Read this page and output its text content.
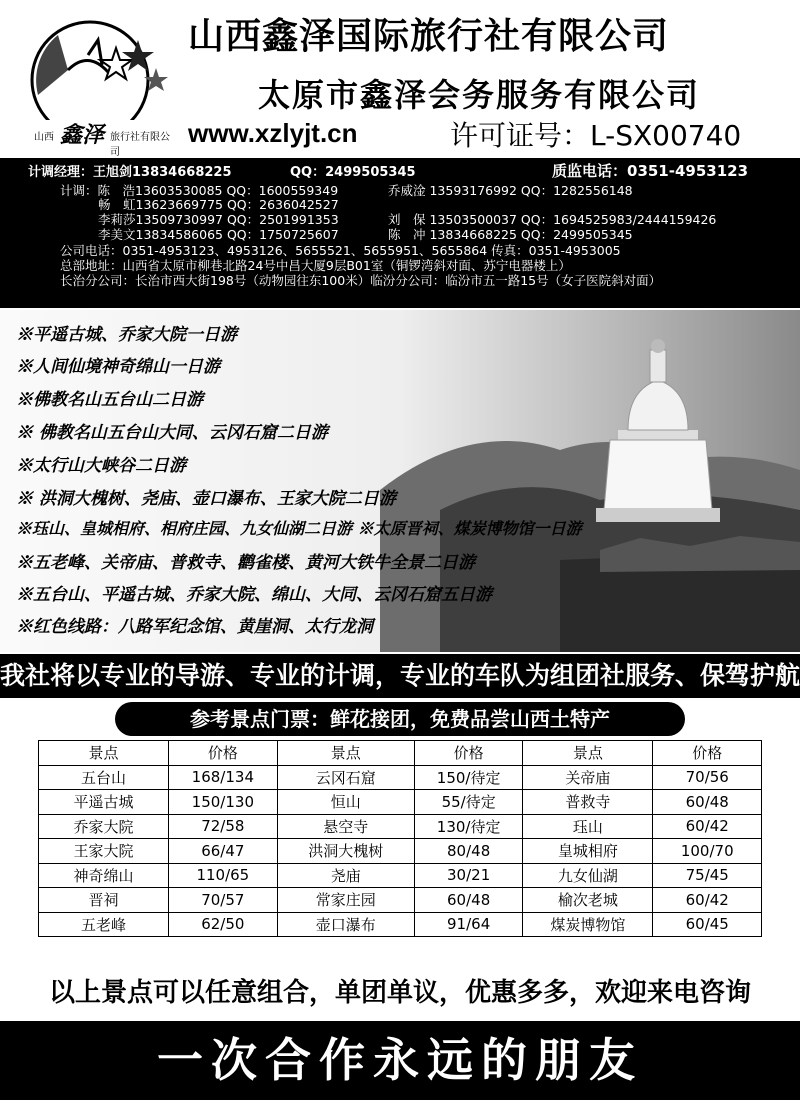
山西 鑫泽 旅行社有限公司
山西鑫泽国际旅行社有限公司
太原市鑫泽会务服务有限公司
www.xzlyjt.cn	许可证号：L-SX00740
计调经理：王旭剑13834668225	QQ：2499505345	质监电话：0351-4953123
计调：陈　浩13603530085 QQ：1600559349	乔威淦 13593176992 QQ：1282556148
畅　虹13623669775 QQ：2636042527
李莉莎13509730997 QQ：2501991353	刘　保 13503500037 QQ：1694525983/2444159426
李美文13834586065 QQ：1750725607	陈　冲 13834668225 QQ：2499505345
公司电话：0351-4953123、4953126、5655521、5655951、5655864 传真：0351-4953005
总部地址：山西省太原市柳巷北路24号中昌大厦9层B01室（铜锣湾斜对面、苏宁电器楼上）
长治分公司：长治市西大街198号（动物园往东100米）临汾分公司：临汾市五一路15号（女子医院斜对面）
※平遥古城、乔家大院一日游
※人间仙境神奇绵山一日游
※佛教名山五台山二日游
※ 佛教名山五台山大同、云冈石窟二日游
※太行山大峡谷二日游
※ 洪洞大槐树、尧庙、壶口瀑布、王家大院二日游
※珏山、皇城相府、相府庄园、九女仙湖二日游 ※太原晋祠、煤炭博物馆一日游
※五老峰、关帝庙、普救寺、鹳雀楼、黄河大铁牛全景二日游
※五台山、平遥古城、乔家大院、绵山、大同、云冈石窟五日游
※红色线路：八路军纪念馆、黄崖洞、太行龙洞
我社将以专业的导游、专业的计调，专业的车队为组团社服务、保驾护航
参考景点门票：鲜花接团，免费品尝山西土特产
景点	价格	景点	价格	景点	价格
五台山	168/134	云冈石窟	150/待定	关帝庙	70/56
平遥古城	150/130	恒山	55/待定	普救寺	60/48
乔家大院	72/58	悬空寺	130/待定	珏山	60/42
王家大院	66/47	洪洞大槐树	80/48	皇城相府	100/70
神奇绵山	110/65	尧庙	30/21	九女仙湖	75/45
晋祠	70/57	常家庄园	60/48	榆次老城	60/42
五老峰	62/50	壶口瀑布	91/64	煤炭博物馆	60/45
以上景点可以任意组合，单团单议，优惠多多，欢迎来电咨询
一次合作永远的朋友
